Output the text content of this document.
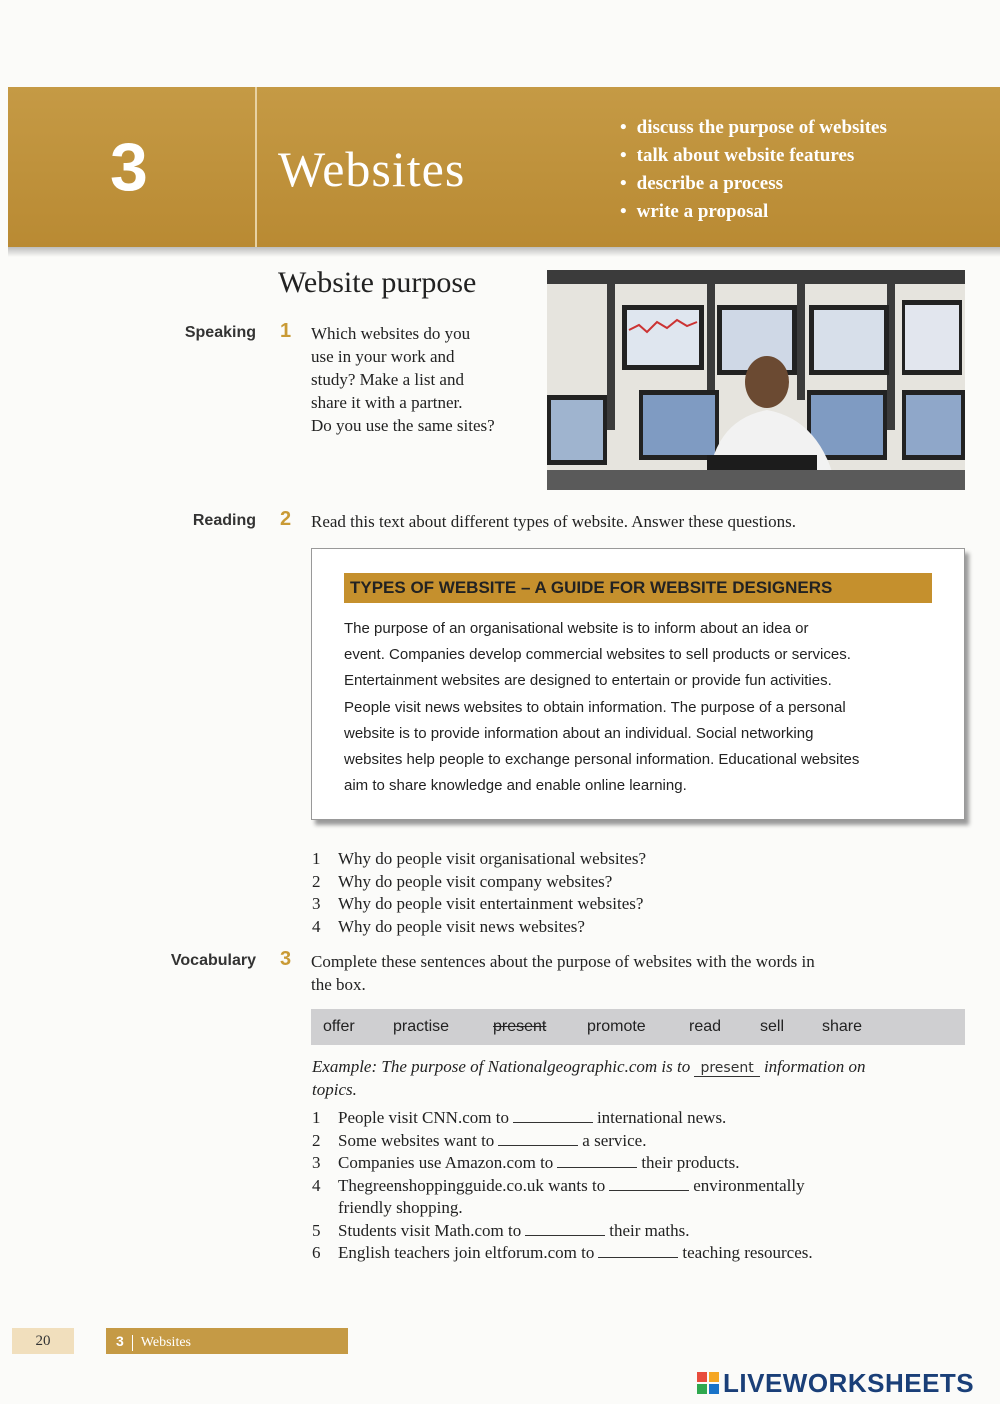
3	Websites
• discuss the purpose of websites
• talk about website features
• describe a process
• write a proposal
Website purpose
Speaking 1 Which websites do you
use in your work and
study? Make a list and
share it with a partner.
Do you use the same sites?
Reading 2 Read this text about different types of website. Answer these questions.
TYPES OF WEBSITE – A GUIDE FOR WEBSITE DESIGNERS
The purpose of an organisational website is to inform about an idea or
event. Companies develop commercial websites to sell products or services.
Entertainment websites are designed to entertain or provide fun activities.
People visit news websites to obtain information. The purpose of a personal
website is to provide information about an individual. Social networking
websites help people to exchange personal information. Educational websites
aim to share knowledge and enable online learning.
1 Why do people visit organisational websites?
2 Why do people visit company websites?
3 Why do people visit entertainment websites?
4 Why do people visit news websites?
Vocabulary 3 Complete these sentences about the purpose of websites with the words in
the box.
offer practise	present	promote	read sell share
Example: The purpose of Nationalgeographic.com is to present information on
topics.
1	People visit CNN.com to	international news.
2	Some websites want to	a service.
3	Companies use Amazon.com to	their products.
4	Thegreenshoppingguide.co.uk wants to	environmentally
friendly shopping.
5	Students visit Math.com to	their maths.
6	English teachers join eltforum.com to	teaching resources.
20	3 Websites
LIVEWORKSHEETS
